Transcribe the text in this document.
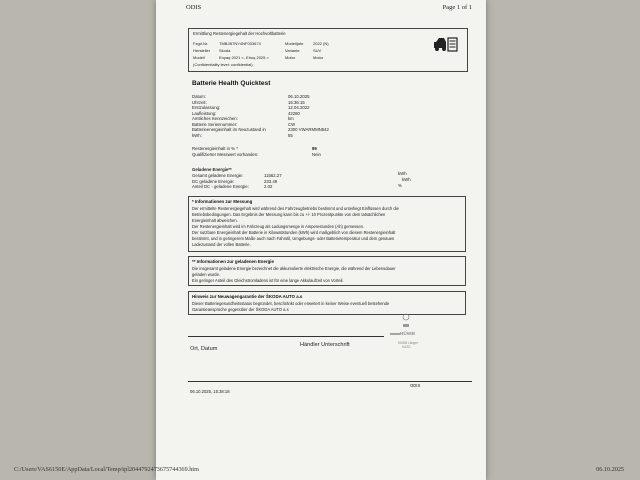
ODIS	Page 1 of 1
Ermittlung Restenergiegehalt der Hochvoltbatterie
Fzgd.Nr.	TMBJB7NY4NF033674	Modelljahr 2022 (N)
Hersteller Skoda	Variante	SUV
Modell	Enyaq 2021 <, Elroq 2025 >	Motor	Motor
(Confidentiality level: confidential)
Batterie Health Quicktest
Datum:	06.10.2025
Uhrzeit:	15:36:15
Erstzulassung:	12.04.2022
Laufleistung:	42280
Amtliches Kennzeichen:	km
Batterie Seriennummer:	CW
Batterieenergieinhalt im Neuzustand in	2300 VWARMMN542
kWh:	55
Restenergieinhalt in % *	89
Qualifizierter Messwert vorhanden:	Nein
Geladene Energie**
Gesamt geladene Energie:	11562.27	kWh
DC geladene Energie:	233.49	kWh
Anteil DC - geladene Energie:	2.02	%
* Informationen zur Messung
Der ermittelte Restenergiegehalt wird während des Fahrzeugbetriebs bestimmt und unterliegt Einflüssen durch die
Betriebsbedingungen. Das Ergebnis der Messung kann bis zu +/- 10 Prozentpunkte von dem tatsächlichen
Energieinhalt abweichen.
Der Restenergieinhalt wird im Fahrzeug als Ladungsmenge in Amperestunden (Ah) gemessen.
Der nutzbare Energieinhalt der Batterie in Kilowattstunden (kWh) wird maßgeblich von diesem Restenergieinhalt
bestimmt, und in geringerem Maße auch nach Fahrstil, Umgebungs- oder Batterietemperatur und dem genauen
Ladezustand der vollen Batterie.
** Informationen zur geladenen Energie
Die insgesamt geladene Energie bezeichnet die akkumulierte elektrische Energie, die während der Lebensdauer
geladen wurde.
Ein geringer Anteil des Gleichstromladens ist für eine lange Akkulaufzeit von Vorteil.
Hinweis zur Neuwagengarantie der ŠKODA AUTO a.s
Dieser Batteriegesundheitsstatus begründet, beschränkt oder erweitert in keiner Weise eventuell bestehende
Garantieansprüche gegenüber der ŠKODA AUTO a.s
HÜSER
KMDB Länger
KAZD
Ort, Datum
Händler Unterschrift
ODIS
06.10.2025, 15:38:18
C:/Users/VAS6150E/AppData/Local/Temp/tpl2044792473675744369.htm	06.10.2025
